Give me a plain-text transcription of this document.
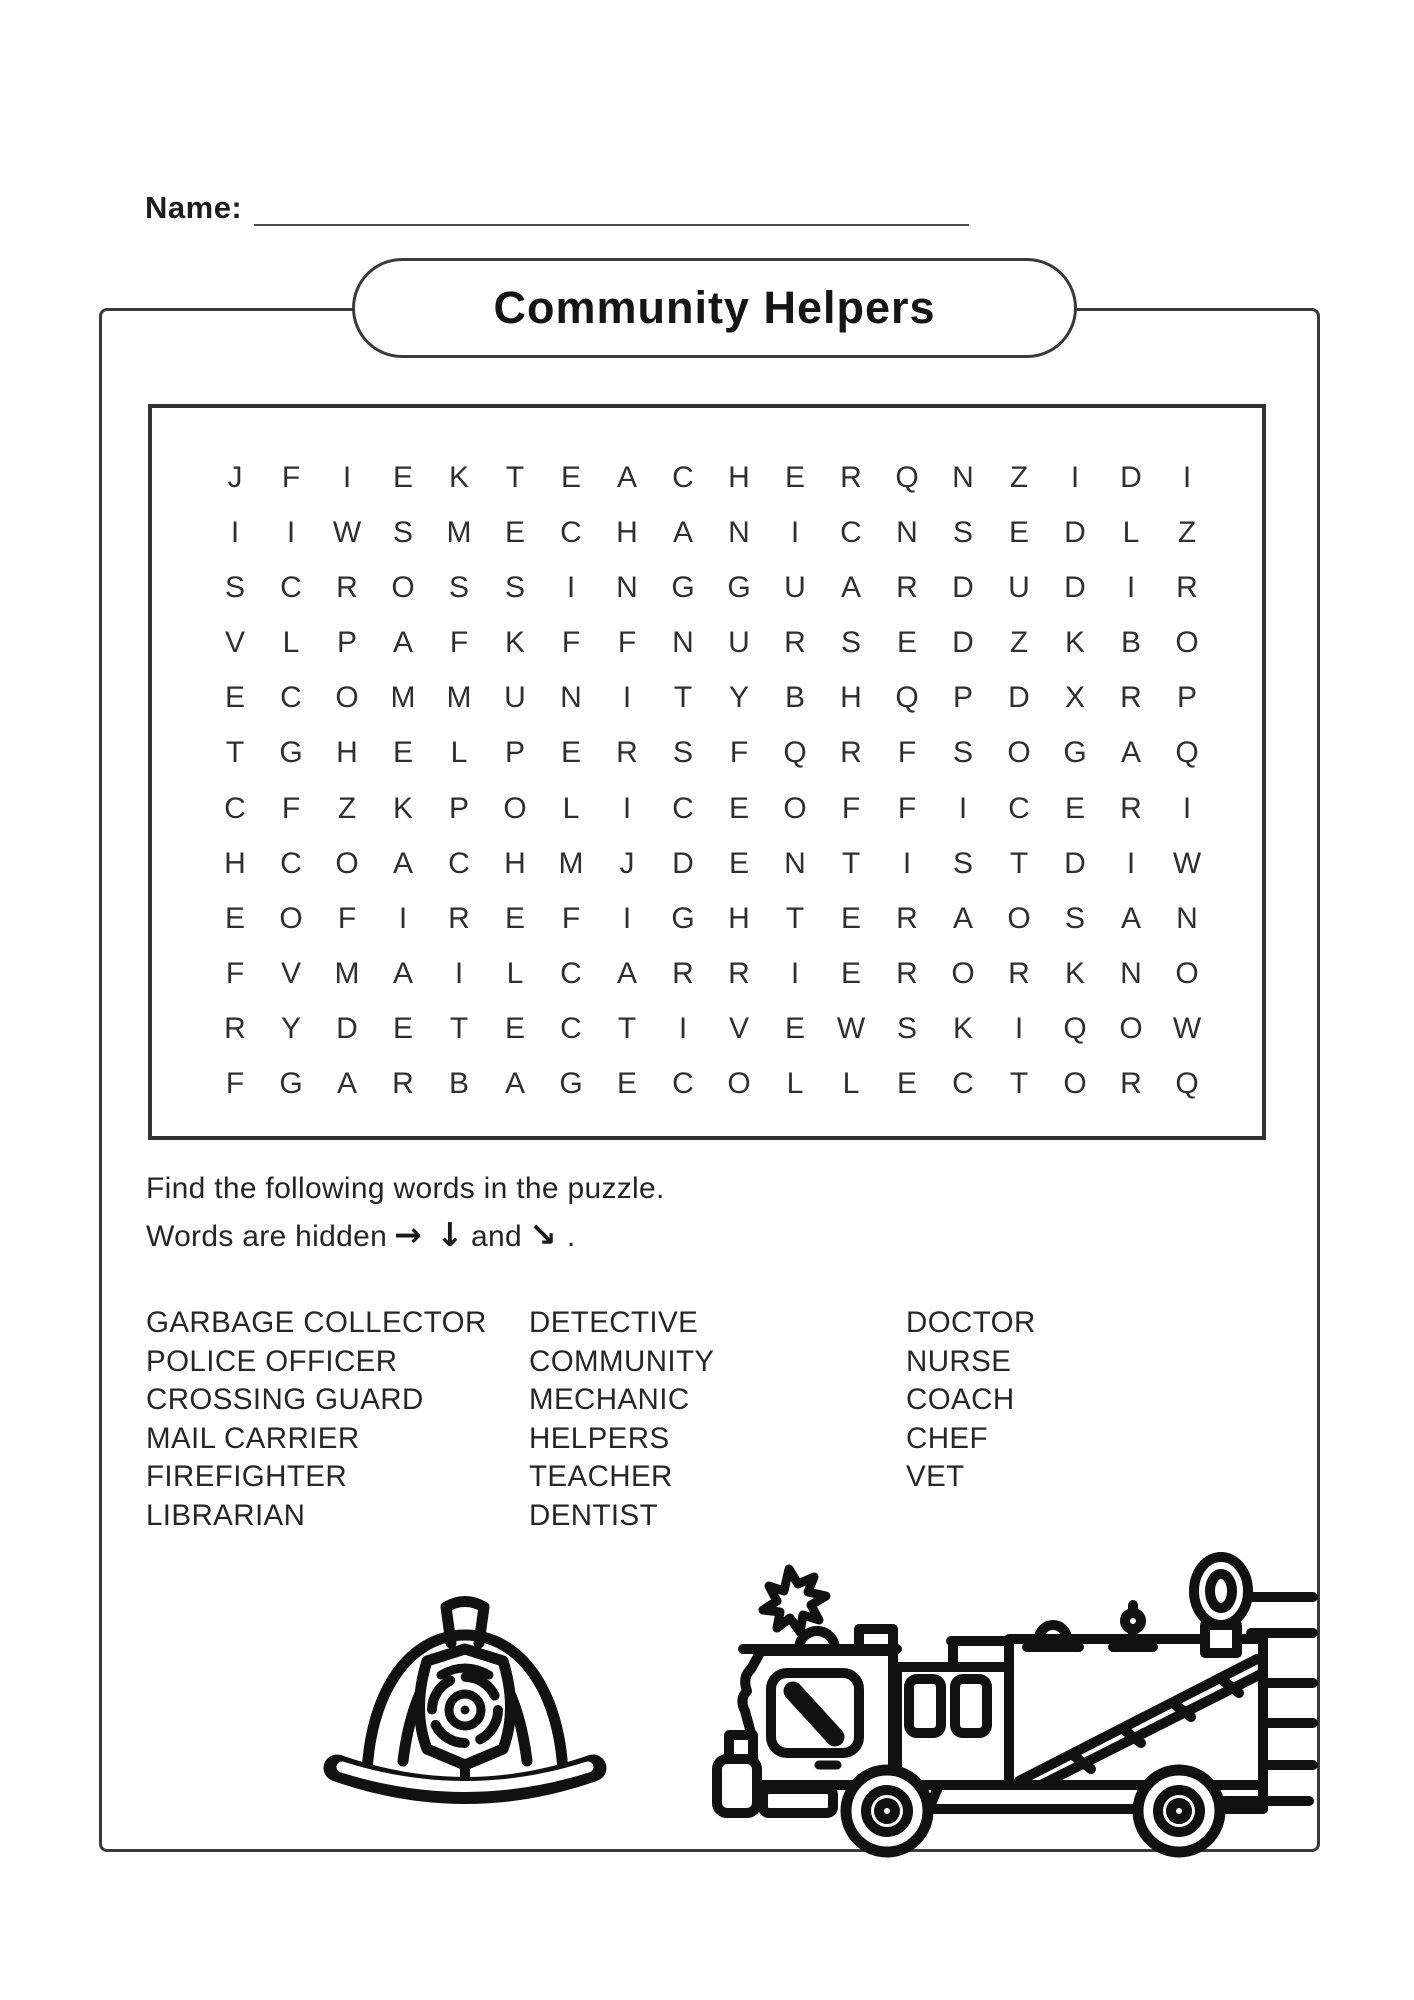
Name:
Community Helpers
J	F	I	E	K	T	E	A	C	H	E	R	Q	N	Z	I	D	I
I	I	W	S	M	E	C	H	A	N	I	C	N	S	E	D	L	Z
S	C	R	O	S	S	I	N	G	G	U	A	R	D	U	D	I	R
V	L	P	A	F	K	F	F	N	U	R	S	E	D	Z	K	B	O
E	C	O	M	M	U	N	I	T	Y	B	H	Q	P	D	X	R	P
T	G	H	E	L	P	E	R	S	F	Q	R	F	S	O	G	A	Q
C	F	Z	K	P	O	L	I	C	E	O	F	F	I	C	E	R	I
H	C	O	A	C	H	M	J	D	E	N	T	I	S	T	D	I	W
E	O	F	I	R	E	F	I	G	H	T	E	R	A	O	S	A	N
F	V	M	A	I	L	C	A	R	R	I	E	R	O	R	K	N	O
R	Y	D	E	T	E	C	T	I	V	E	W	S	K	I	Q	O	W
F	G	A	R	B	A	G	E	C	O	L	L	E	C	T	O	R	Q
Find the following words in the puzzle.
Words are hidden → ↓ and ↘ .
GARBAGE COLLECTOR
POLICE OFFICER
CROSSING GUARD
MAIL CARRIER
FIREFIGHTER
LIBRARIAN
DETECTIVE
COMMUNITY
MECHANIC
HELPERS
TEACHER
DENTIST
DOCTOR
NURSE
COACH
CHEF
VET
